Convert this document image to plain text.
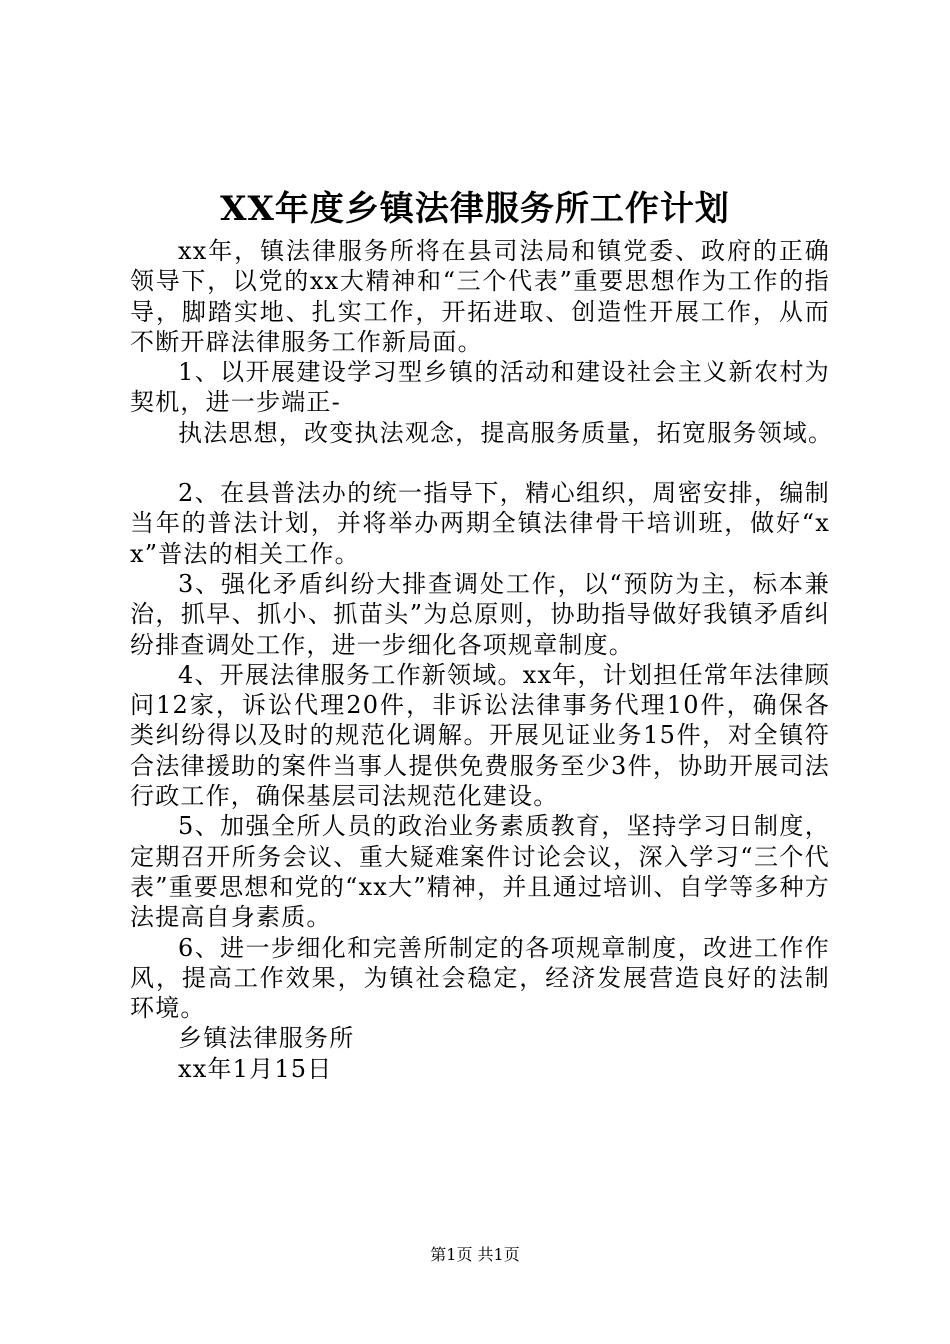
XX年度乡镇法律服务所工作计划

xx年，镇法律服务所将在县司法局和镇党委、政府的正确领导下，以党的xx大精神和“三个代表”重要思想作为工作的指导，脚踏实地、扎实工作，开拓进取、创造性开展工作，从而不断开辟法律服务工作新局面。

1、以开展建设学习型乡镇的活动和建设社会主义新农村为契机，进一步端正-

执法思想，改变执法观念，提高服务质量，拓宽服务领域。

2、在县普法办的统一指导下，精心组织，周密安排，编制当年的普法计划，并将举办两期全镇法律骨干培训班，做好“xx”普法的相关工作。

3、强化矛盾纠纷大排查调处工作，以“预防为主，标本兼治，抓早、抓小、抓苗头”为总原则，协助指导做好我镇矛盾纠纷排查调处工作，进一步细化各项规章制度。

4、开展法律服务工作新领域。xx年，计划担任常年法律顾问12家，诉讼代理20件，非诉讼法律事务代理10件，确保各类纠纷得以及时的规范化调解。开展见证业务15件，对全镇符合法律援助的案件当事人提供免费服务至少3件，协助开展司法行政工作，确保基层司法规范化建设。

5、加强全所人员的政治业务素质教育，坚持学习日制度，定期召开所务会议、重大疑难案件讨论会议，深入学习“三个代表”重要思想和党的“xx大”精神，并且通过培训、自学等多种方法提高自身素质。

6、进一步细化和完善所制定的各项规章制度，改进工作作风，提高工作效果，为镇社会稳定，经济发展营造良好的法制环境。

乡镇法律服务所

xx年1月15日

第1页 共1页
